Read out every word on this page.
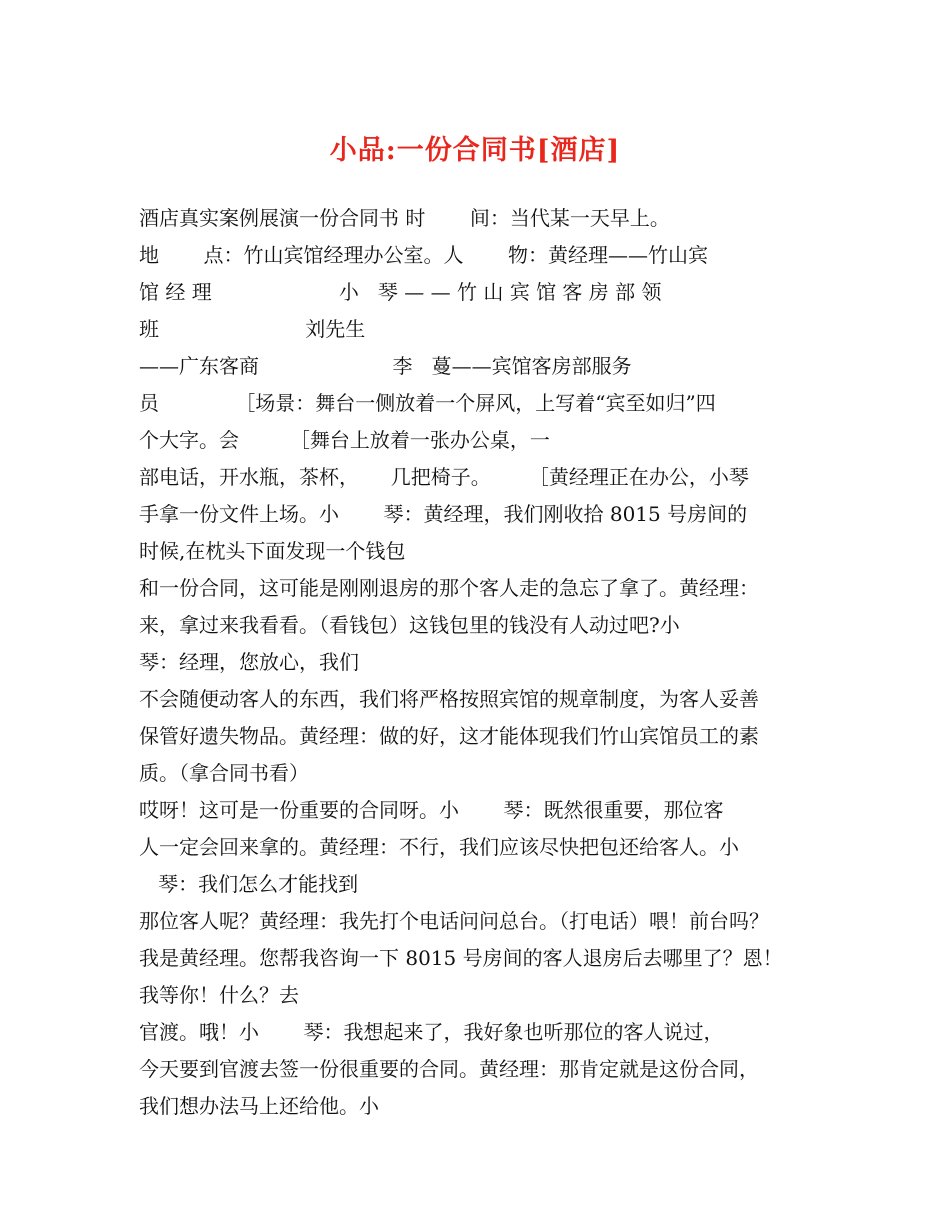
小品:一份合同书[酒店]
酒店真实案例展演一份合同书 时       间：当代某一天早上。
地       点：竹山宾馆经理办公室。人       物：黄经理——竹山宾
馆 经 理                    小   琴 — — 竹 山 宾 馆 客 房 部 领
班                       刘先生
——广东客商                     李   蔓——宾馆客房部服务
员            ［场景：舞台一侧放着一个屏风，上写着“宾至如归”四
个大字。会        ［舞台上放着一张办公桌，一
部电话，开水瓶，茶杯，     几把椅子。      ［黄经理正在办公，小琴
手拿一份文件上场。小       琴：黄经理，我们刚收拾 8015 号房间的
时候,在枕头下面发现一个钱包
和一份合同，这可能是刚刚退房的那个客人走的急忘了拿了。黄经理：
来，拿过来我看看。（看钱包）这钱包里的钱没有人动过吧?小
琴：经理，您放心，我们
不会随便动客人的东西，我们将严格按照宾馆的规章制度，为客人妥善
保管好遗失物品。黄经理：做的好，这才能体现我们竹山宾馆员工的素
质。（拿合同书看）
哎呀！这可是一份重要的合同呀。小       琴：既然很重要，那位客
人一定会回来拿的。黄经理：不行，我们应该尽快把包还给客人。小
琴：我们怎么才能找到
那位客人呢？黄经理：我先打个电话问问总台。（打电话）喂！前台吗？
我是黄经理。您帮我咨询一下 8015 号房间的客人退房后去哪里了？恩！
我等你！什么？去
官渡。哦！小       琴：我想起来了，我好象也听那位的客人说过，
今天要到官渡去签一份很重要的合同。黄经理：那肯定就是这份合同，
我们想办法马上还给他。小
